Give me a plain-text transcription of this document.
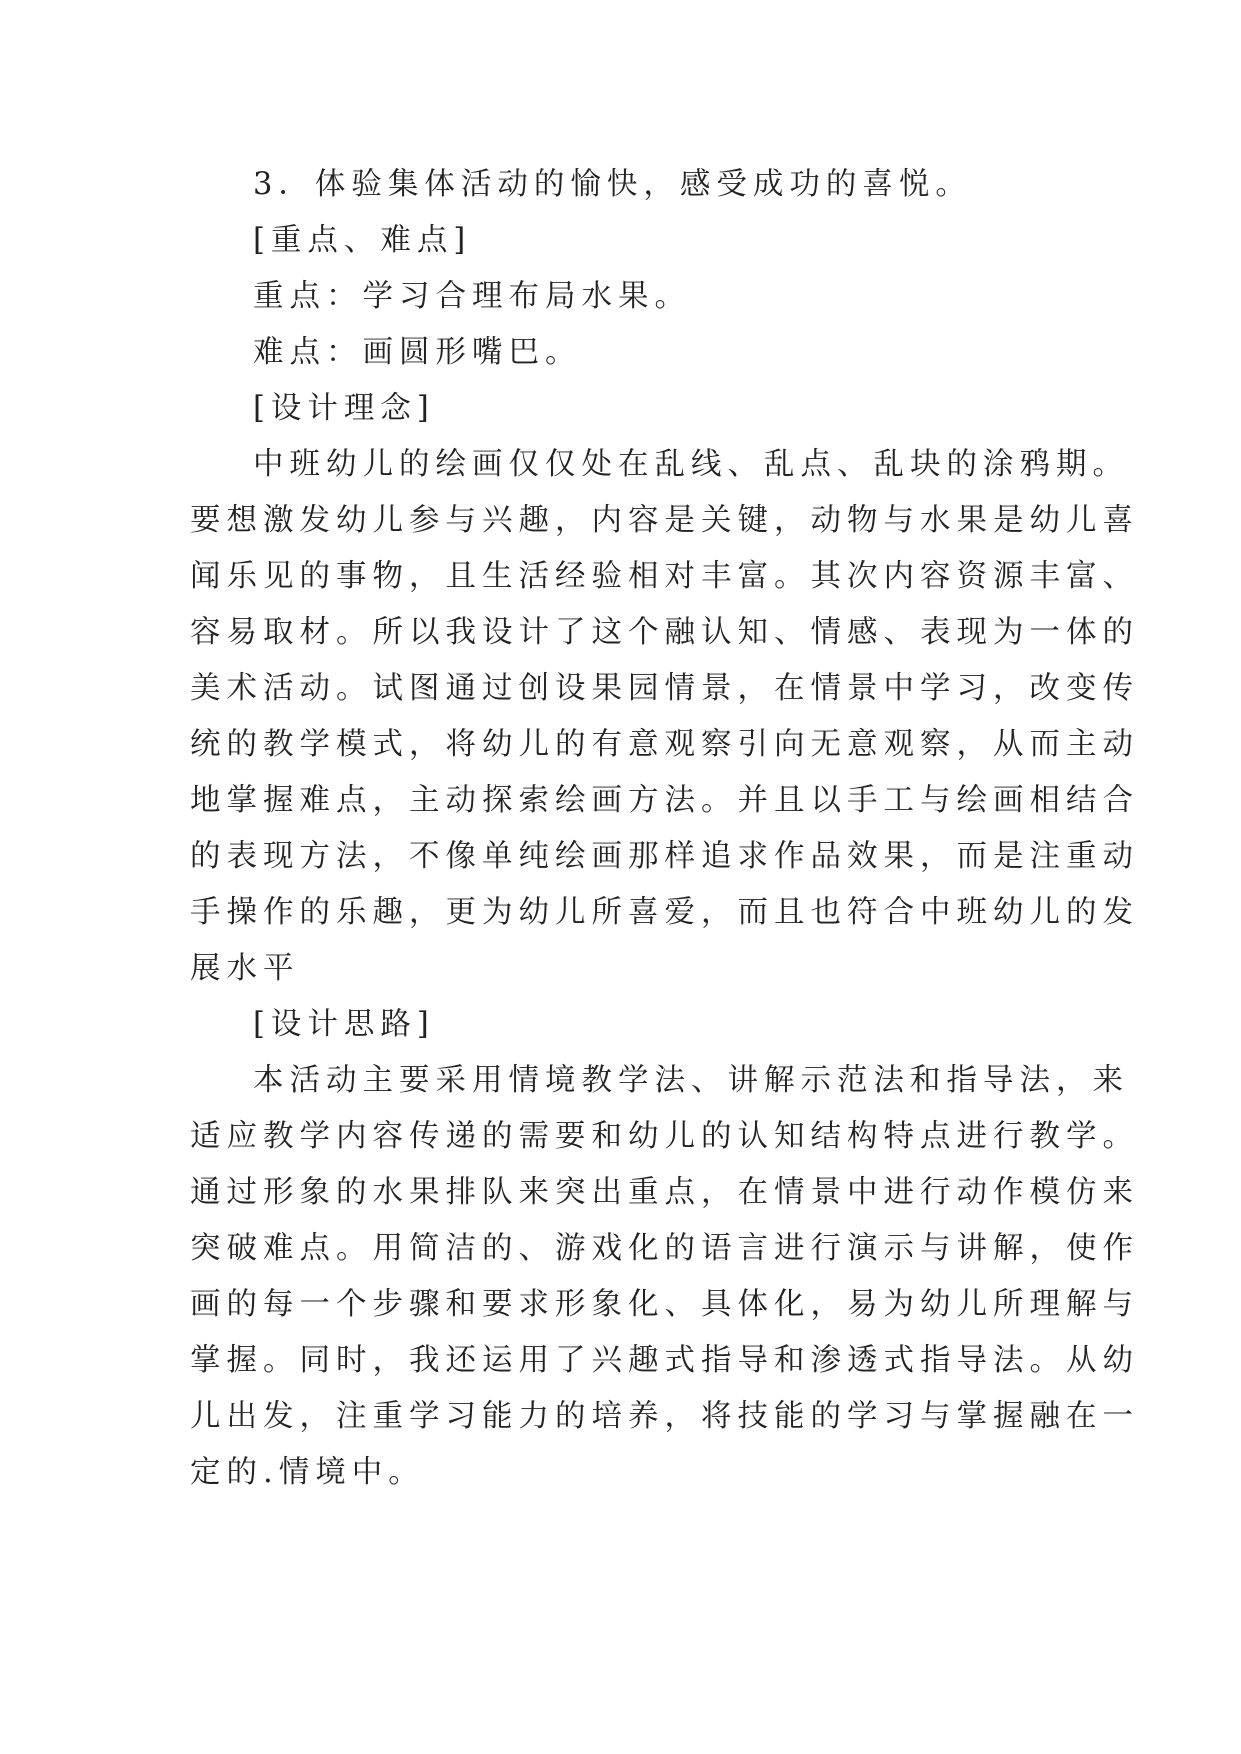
3．体验集体活动的愉快，感受成功的喜悦。
[重点、难点]
重点：学习合理布局水果。
难点：画圆形嘴巴。
[设计理念]
中班幼儿的绘画仅仅处在乱线、乱点、乱块的涂鸦期。
要想激发幼儿参与兴趣，内容是关键，动物与水果是幼儿喜
闻乐见的事物，且生活经验相对丰富。其次内容资源丰富、
容易取材。所以我设计了这个融认知、情感、表现为一体的
美术活动。试图通过创设果园情景，在情景中学习，改变传
统的教学模式，将幼儿的有意观察引向无意观察，从而主动
地掌握难点，主动探索绘画方法。并且以手工与绘画相结合
的表现方法，不像单纯绘画那样追求作品效果，而是注重动
手操作的乐趣，更为幼儿所喜爱，而且也符合中班幼儿的发
展水平
[设计思路]
本活动主要采用情境教学法、讲解示范法和指导法，来
适应教学内容传递的需要和幼儿的认知结构特点进行教学。
通过形象的水果排队来突出重点，在情景中进行动作模仿来
突破难点。用简洁的、游戏化的语言进行演示与讲解，使作
画的每一个步骤和要求形象化、具体化，易为幼儿所理解与
掌握。同时，我还运用了兴趣式指导和渗透式指导法。从幼
儿出发，注重学习能力的培养，将技能的学习与掌握融在一
定的.情境中。
